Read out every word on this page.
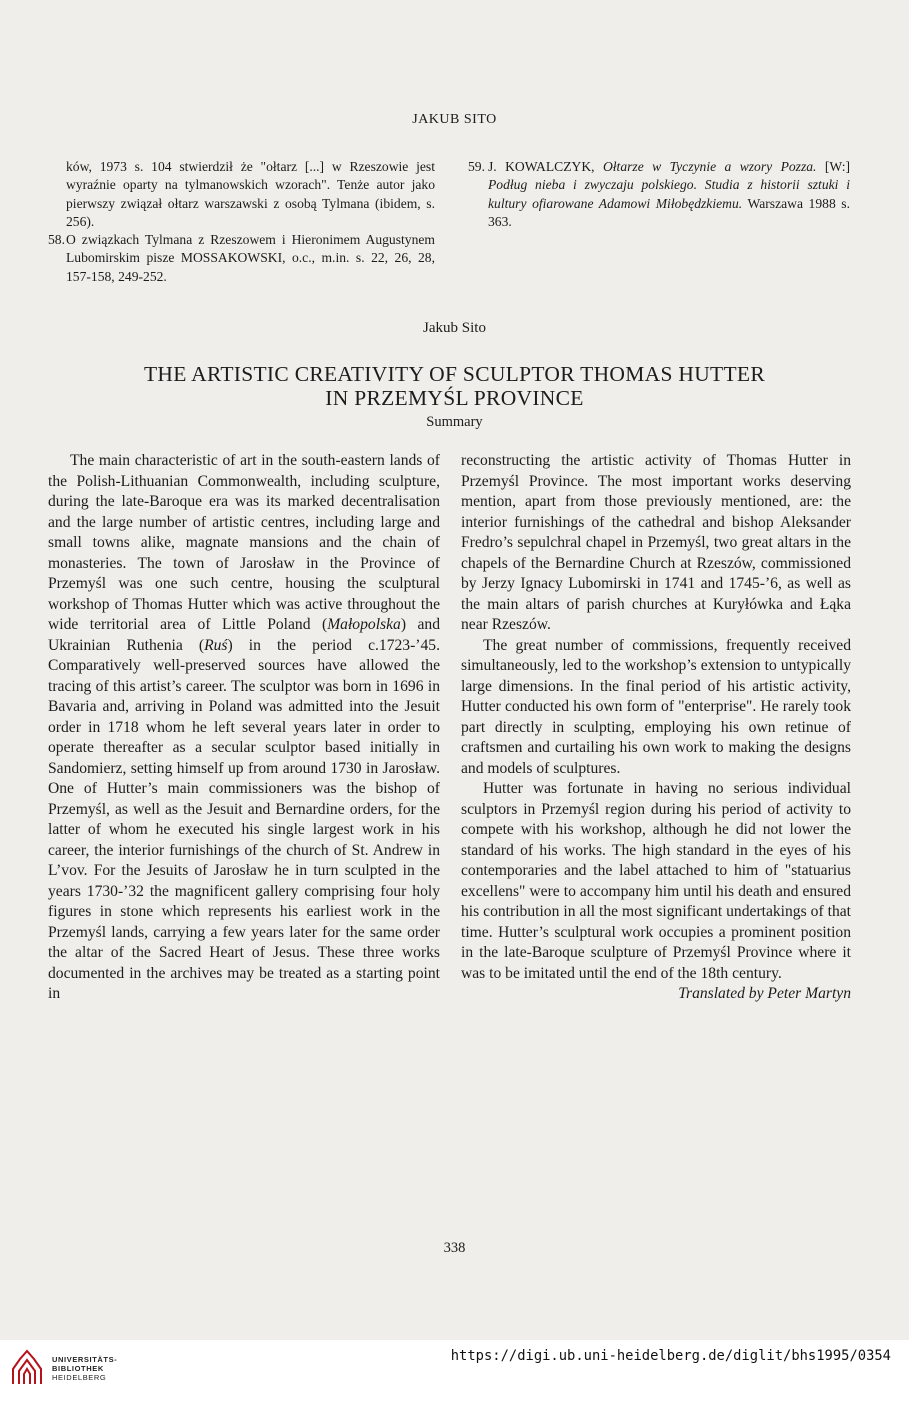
JAKUB SITO

ków, 1973 s. 104 stwierdził że "ołtarz [...] w Rzeszowie jest wyraźnie oparty na tylmanowskich wzorach". Tenże autor jako pierwszy związał ołtarz warszawski z osobą Tylmana (ibidem, s. 256).

58. O związkach Tylmana z Rzeszowem i Hieronimem Augustynem Lubomirskim pisze MOSSAKOWSKI, o.c., m.in. s. 22, 26, 28, 157-158, 249-252.

59. J. KOWALCZYK, Ołtarze w Tyczynie a wzory Pozza. [W:] Podług nieba i zwyczaju polskiego. Studia z historii sztuki i kultury ofiarowane Adamowi Miłobędzkiemu. Warszawa 1988 s. 363.

Jakub Sito
THE ARTISTIC CREATIVITY OF SCULPTOR THOMAS HUTTER
IN PRZEMYŚL PROVINCE
Summary

The main characteristic of art in the south-eastern lands of the Polish-Lithuanian Commonwealth, including sculpture, during the late-Baroque era was its marked decentralisation and the large number of artistic centres, including large and small towns alike, magnate mansions and the chain of monasteries. The town of Jarosław in the Province of Przemyśl was one such centre, housing the sculptural workshop of Thomas Hutter which was active throughout the wide territorial area of Little Poland (Małopolska) and Ukrainian Ruthenia (Ruś) in the period c.1723-’45. Comparatively well-preserved sources have allowed the tracing of this artist’s career. The sculptor was born in 1696 in Bavaria and, arriving in Poland was admitted into the Jesuit order in 1718 whom he left several years later in order to operate thereafter as a secular sculptor based initially in Sandomierz, setting himself up from around 1730 in Jarosław. One of Hutter’s main commissioners was the bishop of Przemyśl, as well as the Jesuit and Bernardine orders, for the latter of whom he executed his single largest work in his career, the interior furnishings of the church of St. Andrew in L’vov. For the Jesuits of Jarosław he in turn sculpted in the years 1730-’32 the magnificent gallery comprising four holy figures in stone which represents his earliest work in the Przemyśl lands, carrying a few years later for the same order the altar of the Sacred Heart of Jesus. These three works documented in the archives may be treated as a starting point in

reconstructing the artistic activity of Thomas Hutter in Przemyśl Province. The most important works deserving mention, apart from those previously mentioned, are: the interior furnishings of the cathedral and bishop Aleksander Fredro’s sepulchral chapel in Przemyśl, two great altars in the chapels of the Bernardine Church at Rzeszów, commissioned by Jerzy Ignacy Lubomirski in 1741 and 1745-’6, as well as the main altars of parish churches at Kuryłówka and Łąka near Rzeszów.

The great number of commissions, frequently received simultaneously, led to the workshop’s extension to untypically large dimensions. In the final period of his artistic activity, Hutter conducted his own form of "enterprise". He rarely took part directly in sculpting, employing his own retinue of craftsmen and curtailing his own work to making the designs and models of sculptures.

Hutter was fortunate in having no serious individual sculptors in Przemyśl region during his period of activity to compete with his workshop, although he did not lower the standard of his works. The high standard in the eyes of his contemporaries and the label attached to him of "statuarius excellens" were to accompany him until his death and ensured his contribution in all the most significant undertakings of that time. Hutter’s sculptural work occupies a prominent position in the late-Baroque sculpture of Przemyśl Province where it was to be imitated until the end of the 18th century.

Translated by Peter Martyn

338
UNIVERSITÄTS-
BIBLIOTHEK
HEIDELBERG
https://digi.ub.uni-heidelberg.de/diglit/bhs1995/0354
